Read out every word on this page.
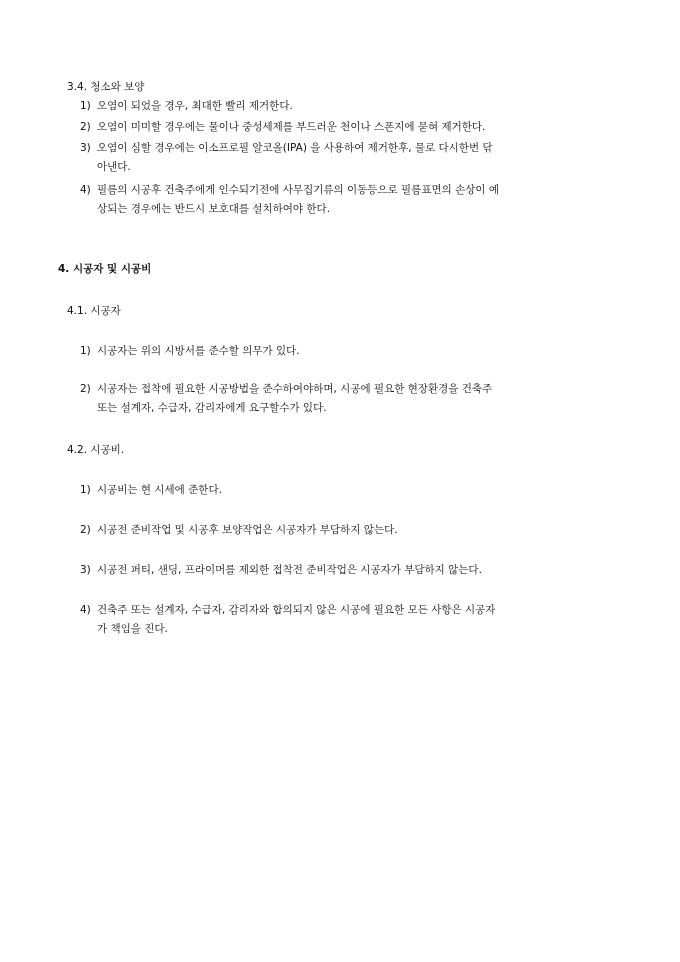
3.4. 청소와 보양
1) 오염이 되었을 경우, 최대한 빨리 제거한다.
2) 오염이 미미할 경우에는 물이나 중성세제를 부드러운 천이나 스폰지에 묻혀 제거한다.
3) 오염이 심할 경우에는 이소프로필 알코올(IPA) 을 사용하여 제거한후, 물로 다시한번 닦
아낸다.
4) 필름의 시공후 건축주에게 인수되기전에 사무집기류의 이동등으로 필름표면의 손상이 예
상되는 경우에는 반드시 보호대를 설치하여야 한다.
4. 시공자 및 시공비
4.1. 시공자
1) 시공자는 위의 시방서를 준수할 의무가 있다.
2) 시공자는 접착에 필요한 시공방법을 준수하여야하며, 시공에 필요한 현장환경을 건축주
또는 설계자, 수급자, 감리자에게 요구할수가 있다.
4.2. 시공비.
1) 시공비는 현 시세에 준한다.
2) 시공전 준비작업 및 시공후 보양작업은 시공자가 부담하지 않는다.
3) 시공전 퍼티, 샌딩, 프라이머를 제외한 접착전 준비작업은 시공자가 부담하지 않는다.
4) 건축주 또는 설계자, 수급자, 감리자와 합의되지 않은 시공에 필요한 모든 사항은 시공자
가 책임을 진다.
